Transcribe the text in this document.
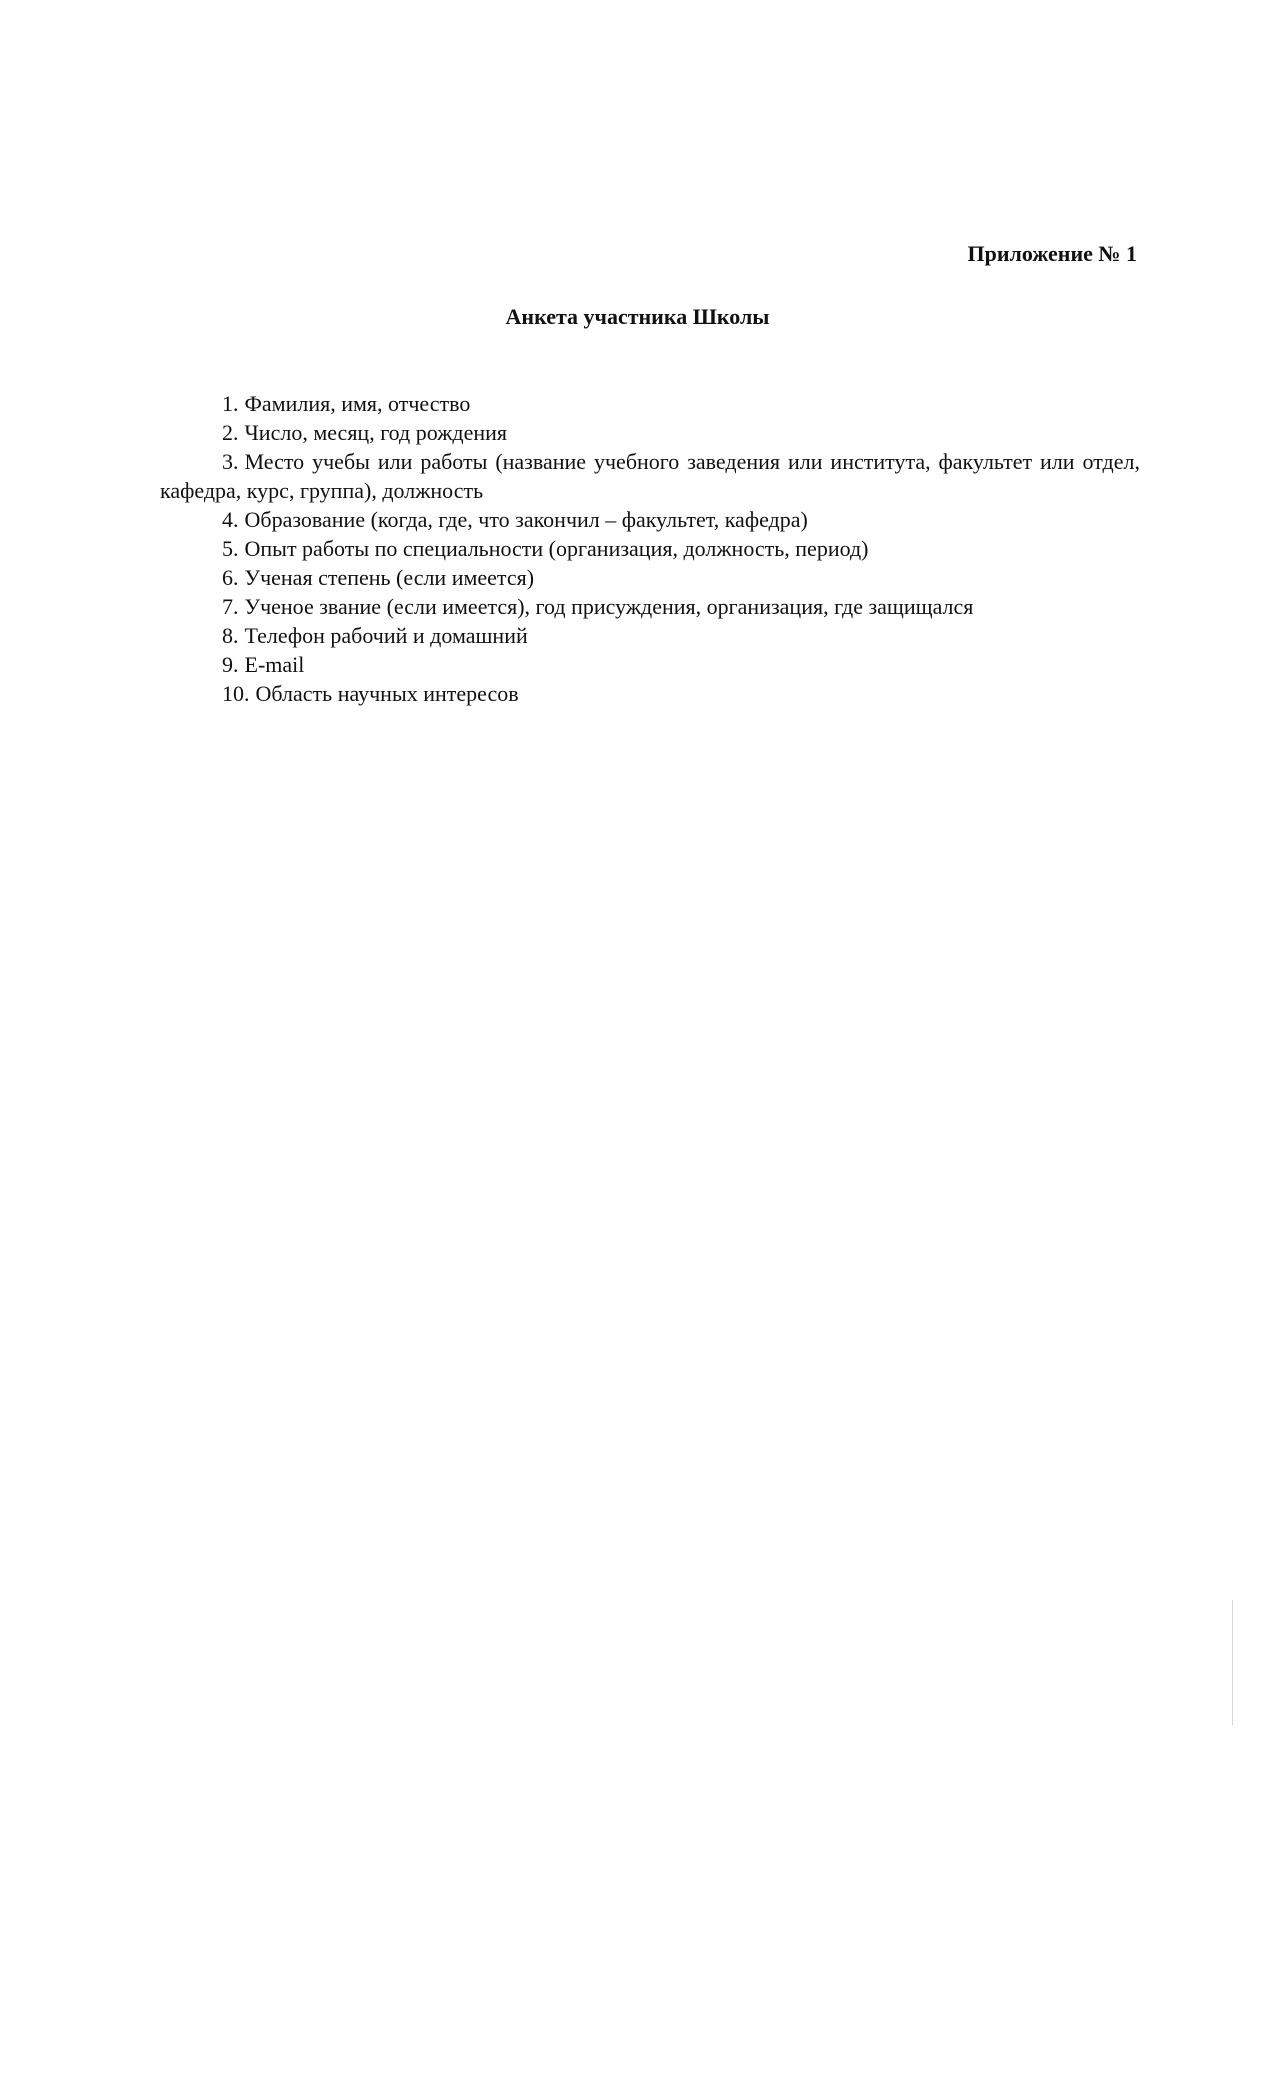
Приложение № 1
Анкета участника Школы
1. Фамилия, имя, отчество
2. Число, месяц, год рождения
3. Место учебы или работы (название учебного заведения или института, факультет или отдел, кафедра, курс, группа), должность
4. Образование (когда, где, что закончил – факультет, кафедра)
5. Опыт работы по специальности (организация, должность, период)
6. Ученая степень (если имеется)
7. Ученое звание (если имеется), год присуждения, организация, где защищался
8. Телефон рабочий и домашний
9. E-mail
10. Область научных интересов
